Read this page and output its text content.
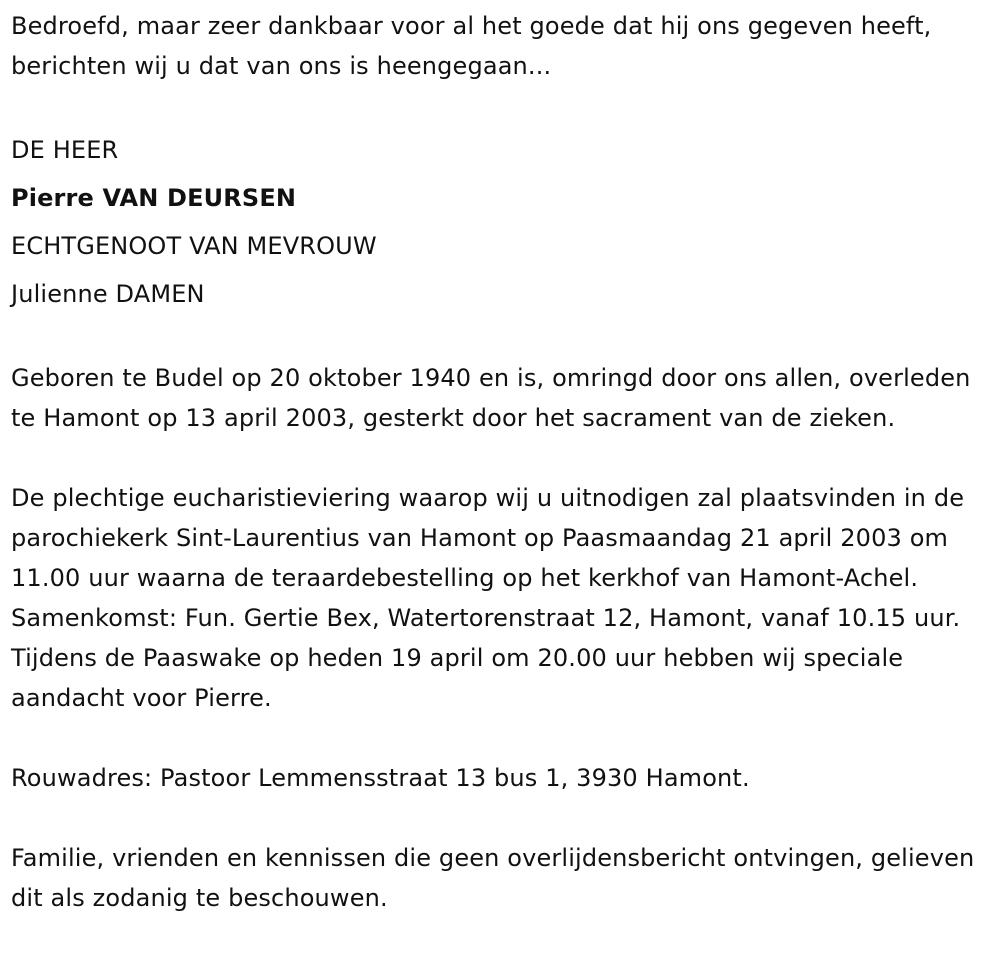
Bedroefd, maar zeer dankbaar voor al het goede dat hij ons gegeven heeft, berichten wij u dat van ons is heengegaan...

DE HEER

Pierre VAN DEURSEN

ECHTGENOOT VAN MEVROUW

Julienne DAMEN

Geboren te Budel op 20 oktober 1940 en is, omringd door ons allen, overleden te Hamont op 13 april 2003, gesterkt door het sacrament van de zieken.

De plechtige eucharistieviering waarop wij u uitnodigen zal plaatsvinden in de parochiekerk Sint-Laurentius van Hamont op Paasmaandag 21 april 2003 om 11.00 uur waarna de teraardebestelling op het kerkhof van Hamont-Achel. Samenkomst: Fun. Gertie Bex, Watertorenstraat 12, Hamont, vanaf 10.15 uur. Tijdens de Paaswake op heden 19 april om 20.00 uur hebben wij speciale aandacht voor Pierre.

Rouwadres: Pastoor Lemmensstraat 13 bus 1, 3930 Hamont.

Familie, vrienden en kennissen die geen overlijdensbericht ontvingen, gelieven dit als zodanig te beschouwen.
